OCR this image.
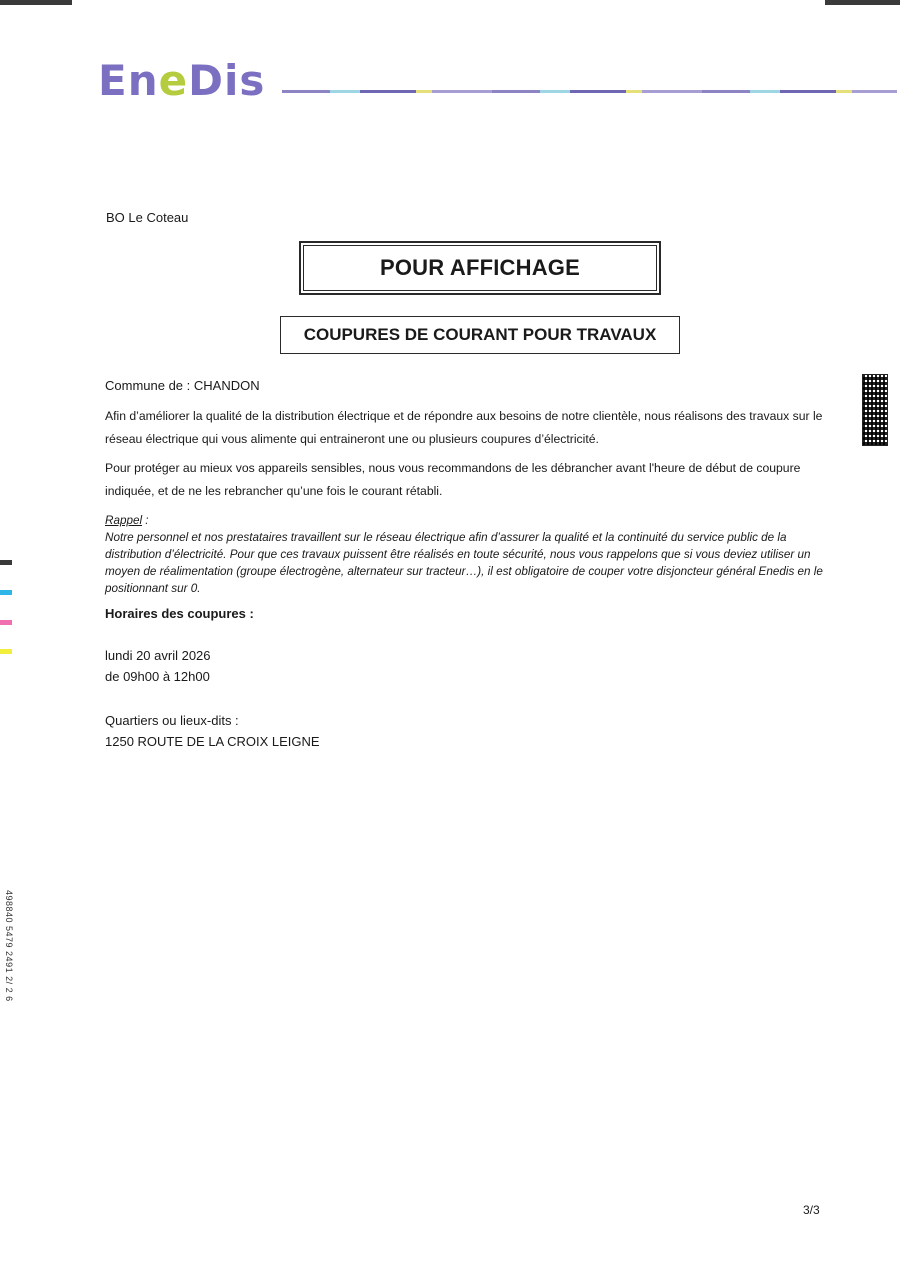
EneDis
BO Le Coteau
POUR AFFICHAGE
COUPURES DE COURANT POUR TRAVAUX
Commune de : CHANDON
Afin d’améliorer la qualité de la distribution électrique et de répondre aux besoins de notre clientèle, nous réalisons des travaux sur le réseau électrique qui vous alimente qui entraineront une ou plusieurs coupures d’électricité.
Pour protéger au mieux vos appareils sensibles, nous vous recommandons de les débrancher avant l'heure de début de coupure indiquée, et de ne les rebrancher qu’une fois le courant rétabli.
Rappel :
Notre personnel et nos prestataires travaillent sur le réseau électrique afin d’assurer la qualité et la continuité du service public de la distribution d’électricité. Pour que ces travaux puissent être réalisés en toute sécurité, nous vous rappelons que si vous deviez utiliser un moyen de réalimentation (groupe électrogène, alternateur sur tracteur…), il est obligatoire de couper votre disjoncteur général Enedis en le positionnant sur 0.
Horaires des coupures :
lundi 20 avril 2026
de 09h00 à 12h00
Quartiers ou lieux-dits :
1250 ROUTE DE LA CROIX LEIGNE
498840 5479 2491 2/ 2 6
3/3
